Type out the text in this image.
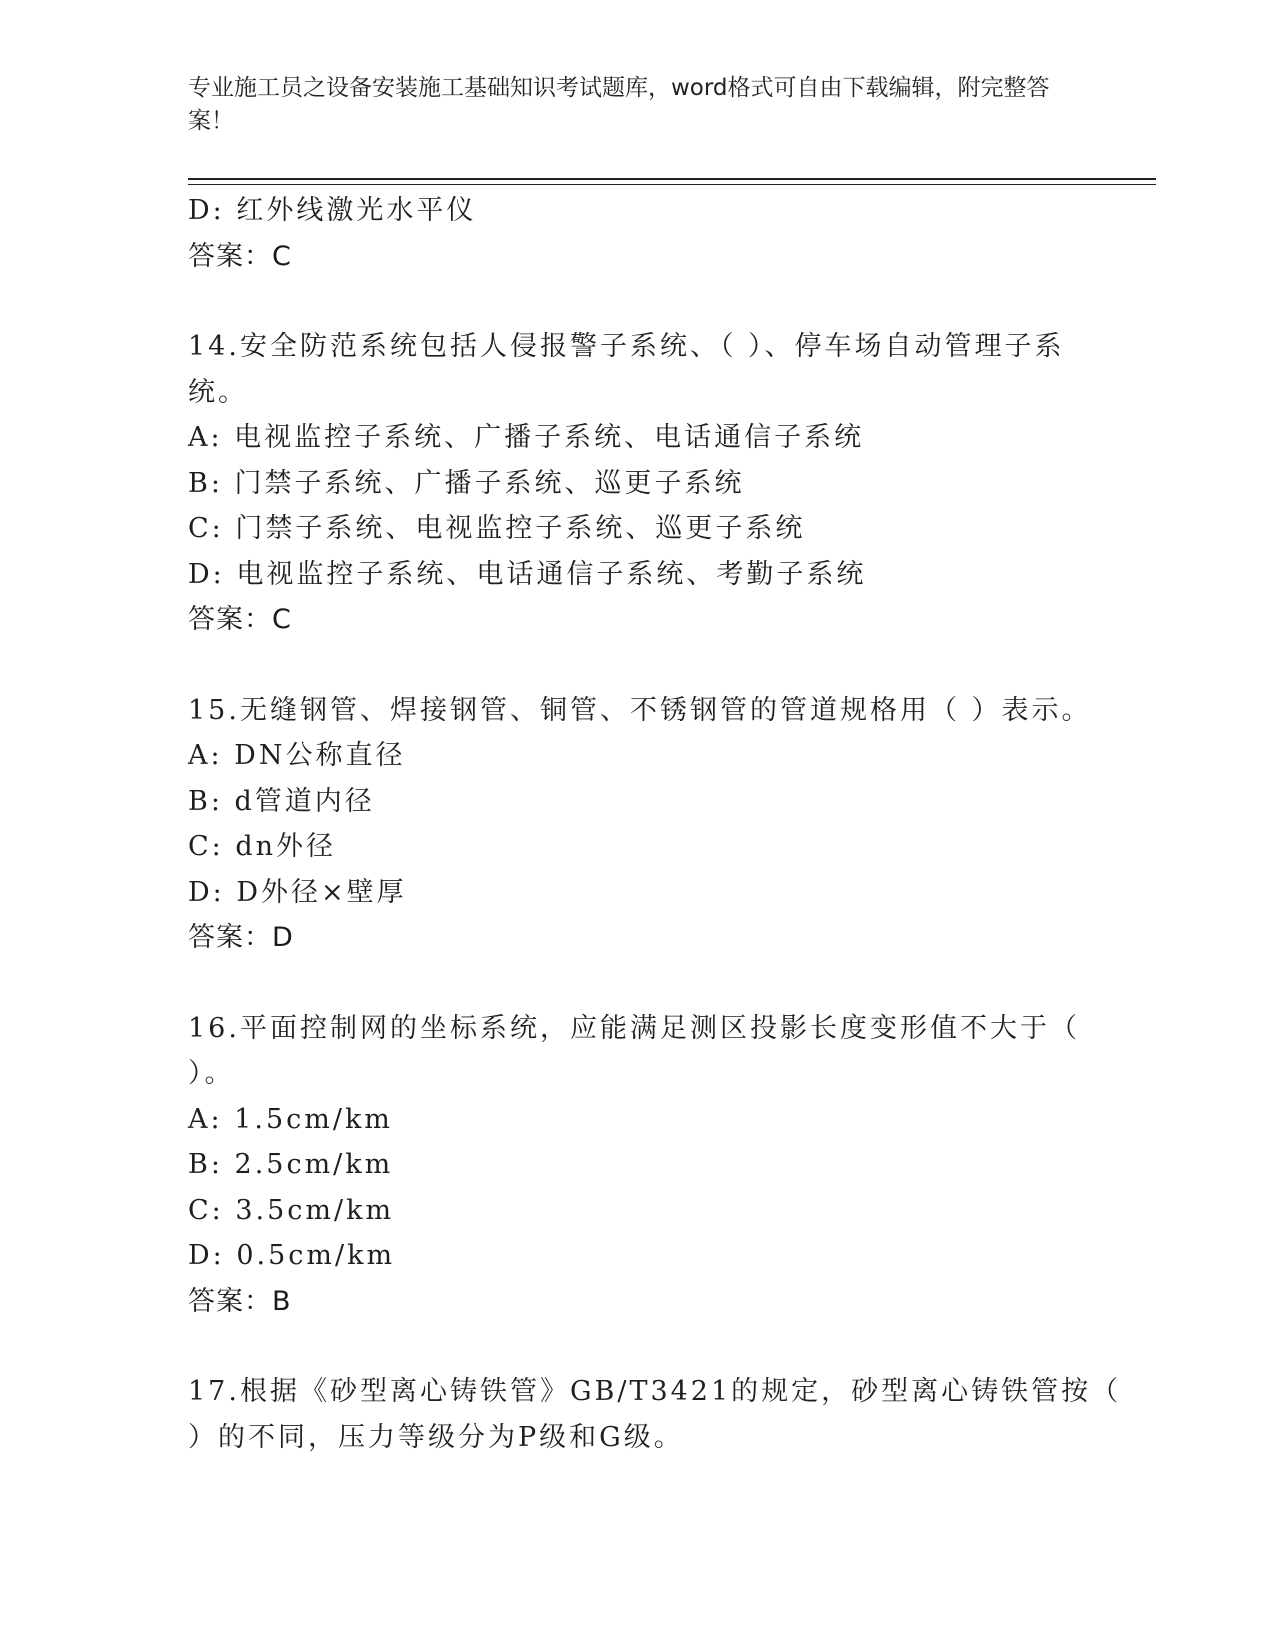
专业施工员之设备安装施工基础知识考试题库，word格式可自由下载编辑，附完整答案！
D: 红外线激光水平仪
答案：C
14.安全防范系统包括人侵报警子系统、（ ）、停车场自动管理子系
统。
A: 电视监控子系统、广播子系统、电话通信子系统
B: 门禁子系统、广播子系统、巡更子系统
C: 门禁子系统、电视监控子系统、巡更子系统
D: 电视监控子系统、电话通信子系统、考勤子系统
答案：C
15.无缝钢管、焊接钢管、铜管、不锈钢管的管道规格用（ ）表示。
A: DN公称直径
B: d管道内径
C: dn外径
D: D外径×壁厚
答案：D
16.平面控制网的坐标系统，应能满足测区投影长度变形值不大于（
）。
A: 1.5cm/km
B: 2.5cm/km
C: 3.5cm/km
D: 0.5cm/km
答案：B
17.根据《砂型离心铸铁管》GB/T3421的规定，砂型离心铸铁管按（
）的不同，压力等级分为P级和G级。
